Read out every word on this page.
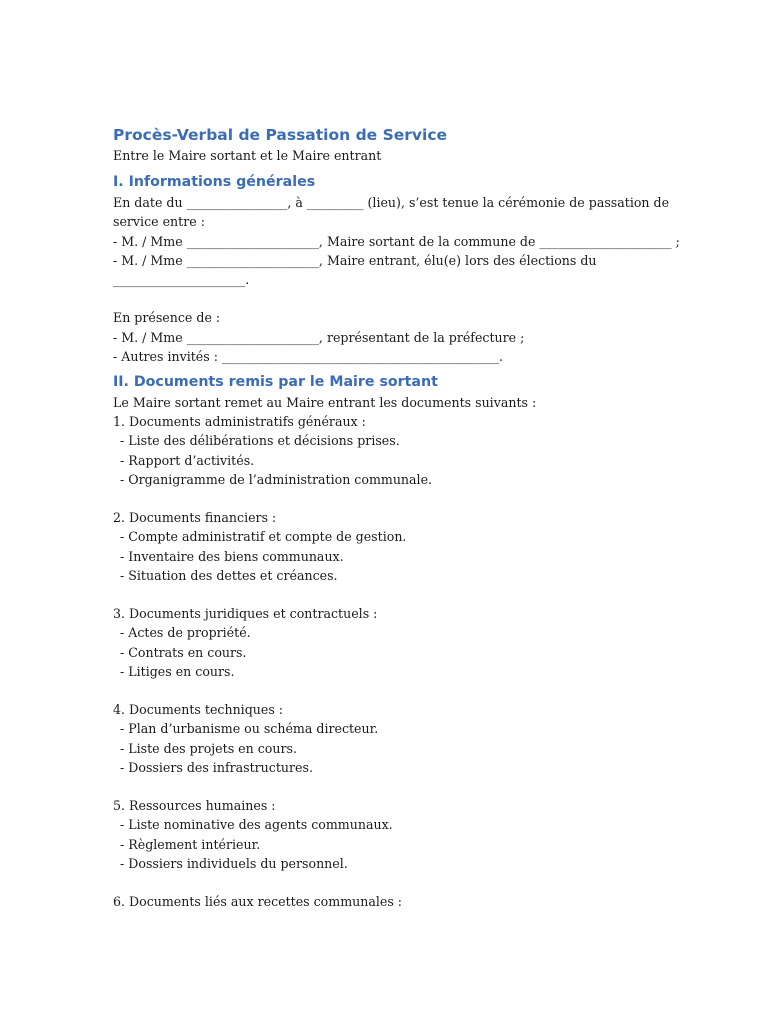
Procès-Verbal de Passation de Service

Entre le Maire sortant et le Maire entrant

I. Informations générales

En date du ________________, à _________ (lieu), s’est tenue la cérémonie de passation de

service entre :

- M. / Mme _____________________, Maire sortant de la commune de _____________________ ;

- M. / Mme _____________________, Maire entrant, élu(e) lors des élections du

_____________________.

En présence de :

- M. / Mme _____________________, représentant de la préfecture ;

- Autres invités : ____________________________________________.

II. Documents remis par le Maire sortant

Le Maire sortant remet au Maire entrant les documents suivants :

1. Documents administratifs généraux :

- Liste des délibérations et décisions prises.

- Rapport d’activités.

- Organigramme de l’administration communale.

2. Documents financiers :

- Compte administratif et compte de gestion.

- Inventaire des biens communaux.

- Situation des dettes et créances.

3. Documents juridiques et contractuels :

- Actes de propriété.

- Contrats en cours.

- Litiges en cours.

4. Documents techniques :

- Plan d’urbanisme ou schéma directeur.

- Liste des projets en cours.

- Dossiers des infrastructures.

5. Ressources humaines :

- Liste nominative des agents communaux.

- Règlement intérieur.

- Dossiers individuels du personnel.

6. Documents liés aux recettes communales :
